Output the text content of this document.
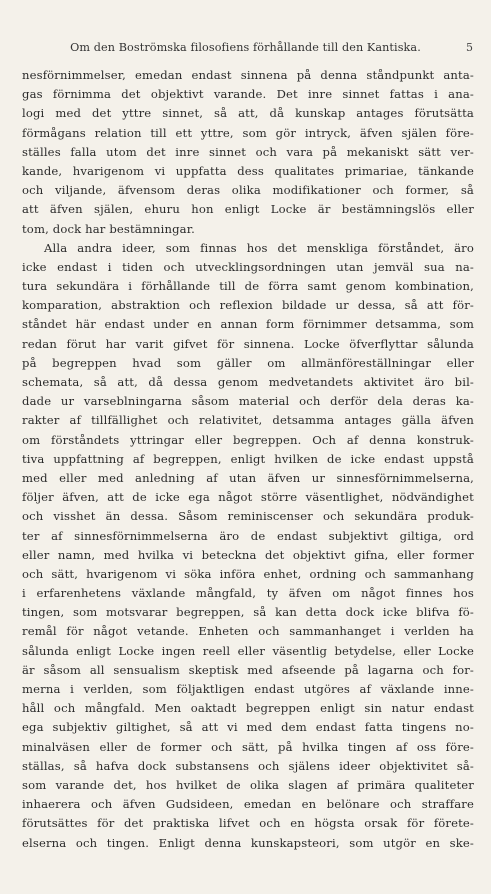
Om den Boströmska filosofiens förhållande till den Kantiska.	5
nesförnimmelser, emedan endast sinnena på denna ståndpunkt anta-
gas förnimma det objektivt varande. Det inre sinnet fattas i ana-
logi med det yttre sinnet, så att, då kunskap antages förutsätta
förmågans relation till ett yttre, som gör intryck, äfven själen före-
ställes falla utom det inre sinnet och vara på mekaniskt sätt ver-
kande, hvarigenom vi uppfatta dess qualitates primariae, tänkande
och viljande, äfvensom deras olika modifikationer och former, så
att äfven själen, ehuru hon enligt Locke är bestämningslös eller
tom, dock har bestämningar.
Alla andra ideer, som finnas hos det menskliga förståndet, äro
icke endast i tiden och utvecklingsordningen utan jemväl sua na-
tura sekundära i förhållande till de förra samt genom kombination,
komparation, abstraktion och reflexion bildade ur dessa, så att för-
ståndet här endast under en annan form förnimmer detsamma, som
redan förut har varit gifvet för sinnena. Locke öfverflyttar sålunda
på begreppen hvad som gäller om allmänföreställningar eller
schemata, så att, då dessa genom medvetandets aktivitet äro bil-
dade ur varseblningarna såsom material och derför dela deras ka-
rakter af tillfällighet och relativitet, detsamma antages gälla äfven
om förståndets yttringar eller begreppen. Och af denna konstruk-
tiva uppfattning af begreppen, enligt hvilken de icke endast uppstå
med eller med anledning af utan äfven ur sinnesförnimmelserna,
följer äfven, att de icke ega något större väsentlighet, nödvändighet
och visshet än dessa. Såsom reminiscenser och sekundära produk-
ter af sinnesförnimmelserna äro de endast subjektivt giltiga, ord
eller namn, med hvilka vi beteckna det objektivt gifna, eller former
och sätt, hvarigenom vi söka införa enhet, ordning och sammanhang
i erfarenhetens växlande mångfald, ty äfven om något finnes hos
tingen, som motsvarar begreppen, så kan detta dock icke blifva fö-
remål för något vetande. Enheten och sammanhanget i verlden ha
sålunda enligt Locke ingen reell eller väsentlig betydelse, eller Locke
är såsom all sensualism skeptisk med afseende på lagarna och for-
merna i verlden, som följaktligen endast utgöres af växlande inne-
håll och mångfald. Men oaktadt begreppen enligt sin natur endast
ega subjektiv giltighet, så att vi med dem endast fatta tingens no-
minalväsen eller de former och sätt, på hvilka tingen af oss före-
ställas, så hafva dock substansens och själens ideer objektivitet så-
som varande det, hos hvilket de olika slagen af primära qualiteter
inhaerera och äfven Gudsideen, emedan en belönare och straffare
förutsättes för det praktiska lifvet och en högsta orsak för förete-
elserna och tingen. Enligt denna kunskapsteori, som utgör en ske-
